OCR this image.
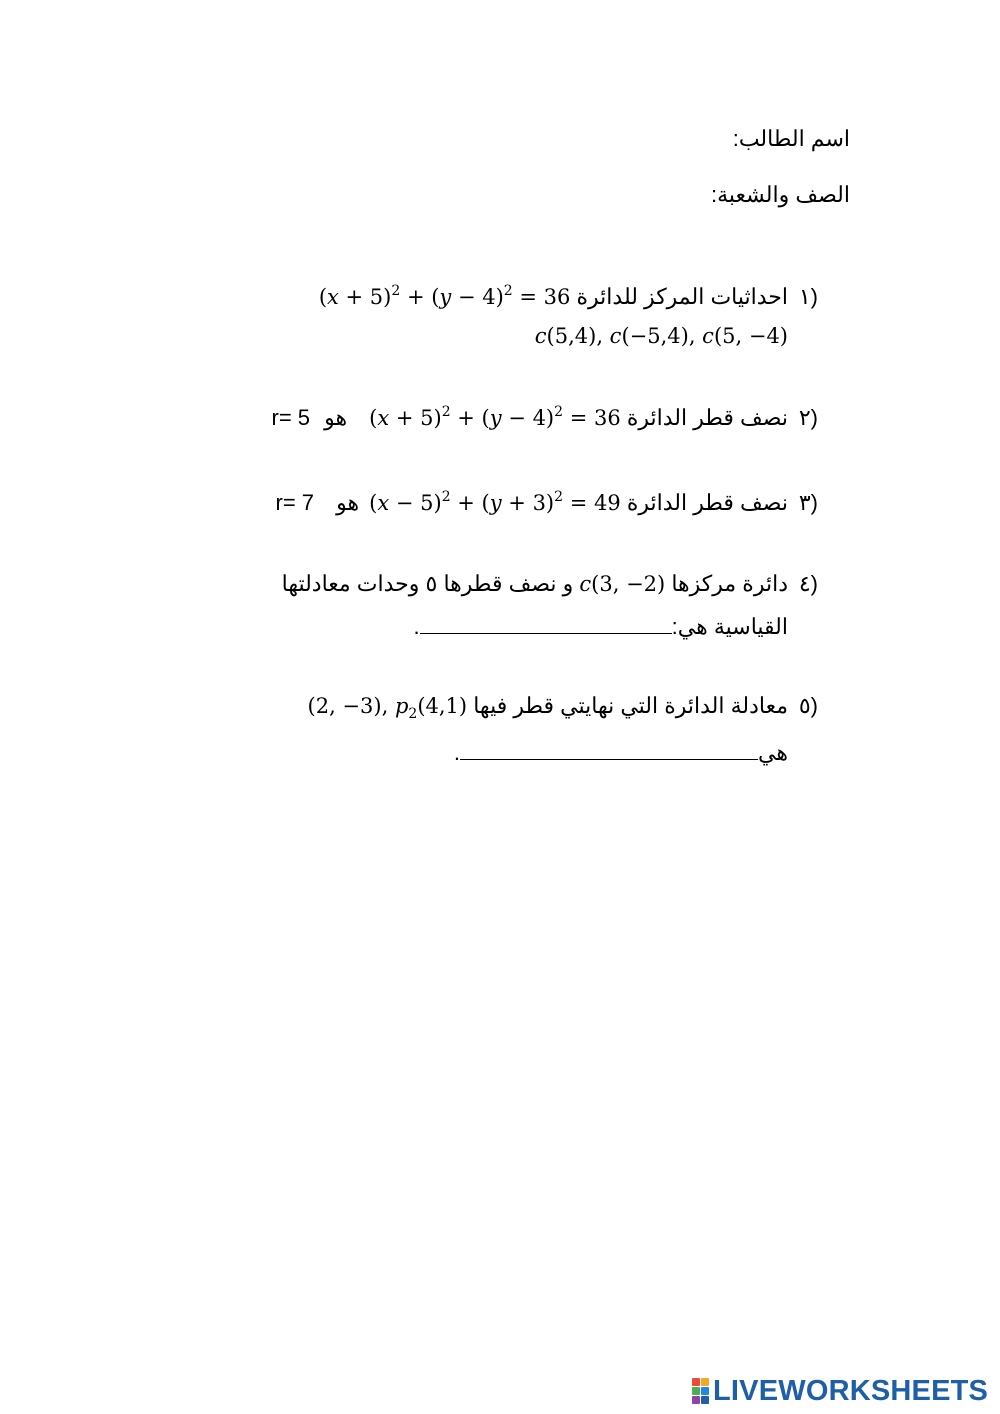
اسم الطالب:
الصف والشعبة:
١)
احداثيات المركز للدائرة $(x + 5)^2 + (y - 4)^2 = 36$
c(5,4), c(−5,4), c(5, −4)
٢)
نصف قطر الدائرة $(x + 5)^2 + (y - 4)^2$ = 36هو r= 5
٣)
نصف قطر الدائرة $(x - 5)^2 + (y + 3)^2$ = 49هو r= 7
٤)
دائرة مركزها c(3, −2) و نصف قطرها ٥ وحدات معادلتها
القياسية هي:.
٥)
معادلة الدائرة التي نهايتي قطر فيها (2, −3), $p_2(4,1)$
هي.
LIVEWORKSHEETS
